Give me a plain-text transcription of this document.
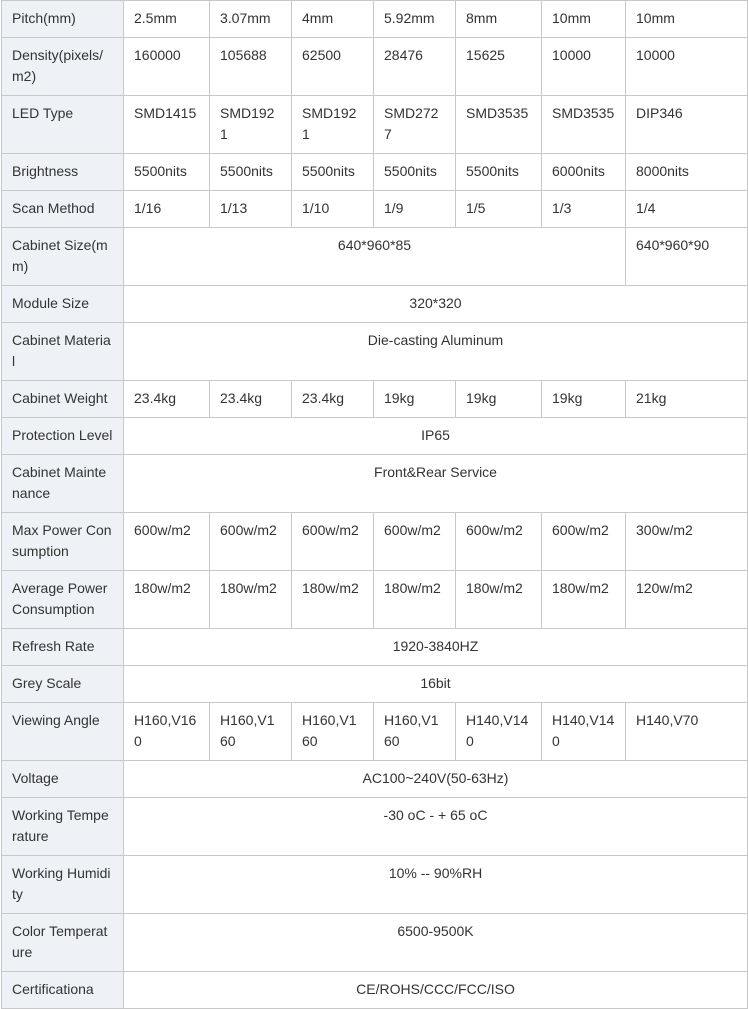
Pitch(mm)	2.5mm	3.07mm	4mm	5.92mm	8mm	10mm	10mm
Density(pixels/m2)	160000	105688	62500	28476	15625	10000	10000
LED Type	SMD1415	SMD1921	SMD1921	SMD2727	SMD3535	SMD3535	DIP346
Brightness	5500nits	5500nits	5500nits	5500nits	5500nits	6000nits	8000nits
Scan Method	1/16	1/13	1/10	1/9	1/5	1/3	1/4
Cabinet Size(mm)	640*960*85						640*960*90
Module Size	320*320						
Cabinet Material	Die-casting Aluminum						
Cabinet Weight	23.4kg	23.4kg	23.4kg	19kg	19kg	19kg	21kg
Protection Level	IP65						
Cabinet Maintenance	Front&Rear Service						
Max Power Consumption	600w/m2	600w/m2	600w/m2	600w/m2	600w/m2	600w/m2	300w/m2
Average Power Consumption	180w/m2	180w/m2	180w/m2	180w/m2	180w/m2	180w/m2	120w/m2
Refresh Rate	1920-3840HZ						
Grey Scale	16bit						
Viewing Angle	H160,V160	H160,V160	H160,V160	H160,V160	H140,V140	H140,V140	H140,V70
Voltage	AC100~240V(50-63Hz)						
Working Temperature	-30 oC - + 65 oC						
Working Humidity	10% -- 90%RH						
Color Temperature	6500-9500K						
Certificationa	CE/ROHS/CCC/FCC/ISO						
